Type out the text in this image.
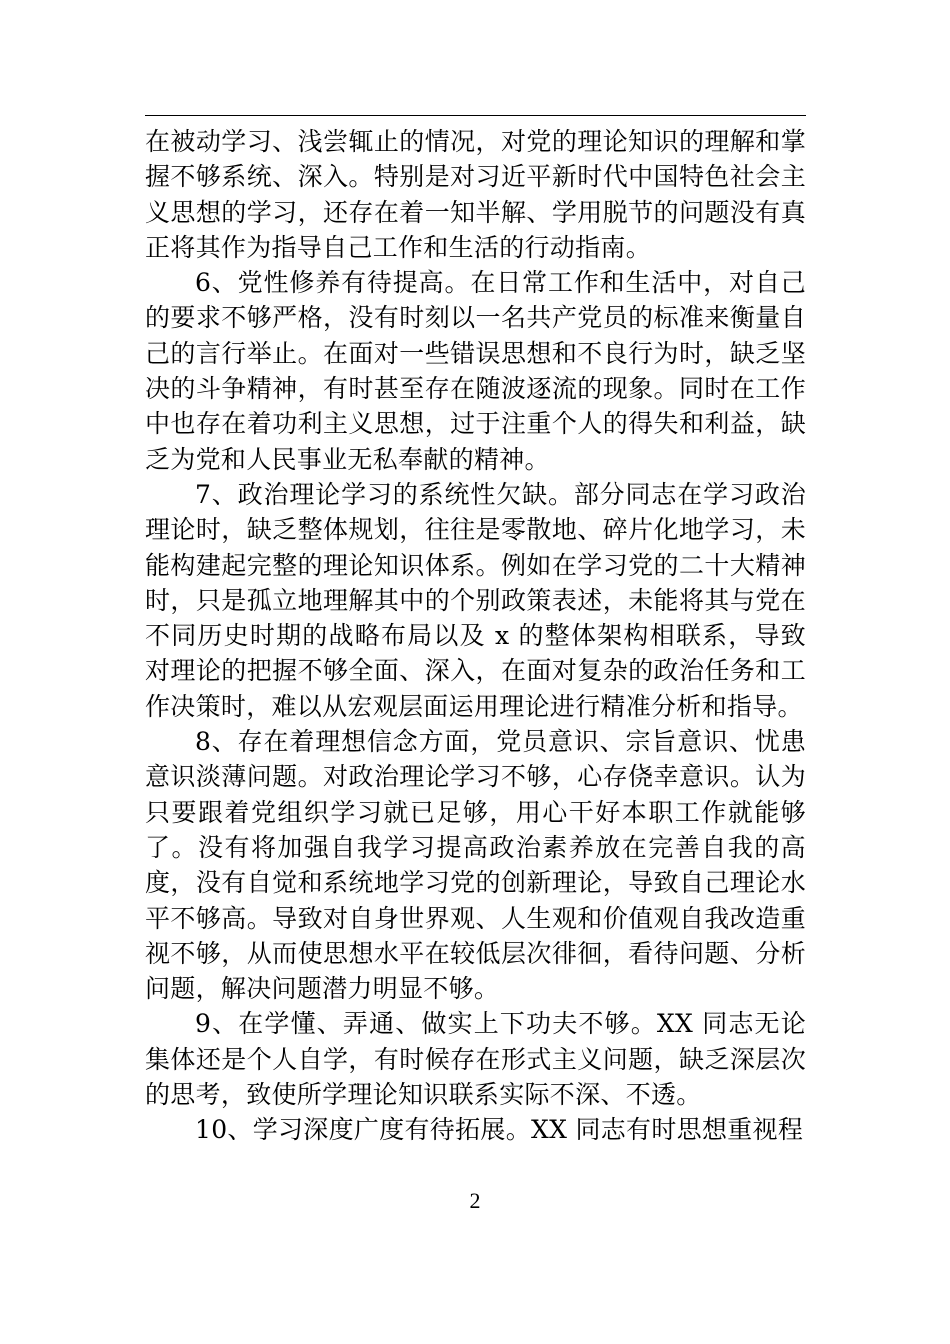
在被动学习、浅尝辄止的情况，对党的理论知识的理解和掌握不够系统、深入。特别是对习近平新时代中国特色社会主义思想的学习，还存在着一知半解、学用脱节的问题没有真正将其作为指导自己工作和生活的行动指南。

6、党性修养有待提高。在日常工作和生活中，对自己的要求不够严格，没有时刻以一名共产党员的标准来衡量自己的言行举止。在面对一些错误思想和不良行为时，缺乏坚决的斗争精神，有时甚至存在随波逐流的现象。同时在工作中也存在着功利主义思想，过于注重个人的得失和利益，缺乏为党和人民事业无私奉献的精神。

7、政治理论学习的系统性欠缺。部分同志在学习政治理论时，缺乏整体规划，往往是零散地、碎片化地学习，未能构建起完整的理论知识体系。例如在学习党的二十大精神时，只是孤立地理解其中的个别政策表述，未能将其与党在不同历史时期的战略布局以及 x 的整体架构相联系，导致对理论的把握不够全面、深入，在面对复杂的政治任务和工作决策时，难以从宏观层面运用理论进行精准分析和指导。

8、存在着理想信念方面，党员意识、宗旨意识、忧患意识淡薄问题。对政治理论学习不够，心存侥幸意识。认为只要跟着党组织学习就已足够，用心干好本职工作就能够了。没有将加强自我学习提高政治素养放在完善自我的高度，没有自觉和系统地学习党的创新理论，导致自己理论水平不够高。导致对自身世界观、人生观和价值观自我改造重视不够，从而使思想水平在较低层次徘徊，看待问题、分析问题，解决问题潜力明显不够。

9、在学懂、弄通、做实上下功夫不够。XX 同志无论集体还是个人自学，有时候存在形式主义问题，缺乏深层次的思考，致使所学理论知识联系实际不深、不透。

10、学习深度广度有待拓展。XX 同志有时思想重视程

2
